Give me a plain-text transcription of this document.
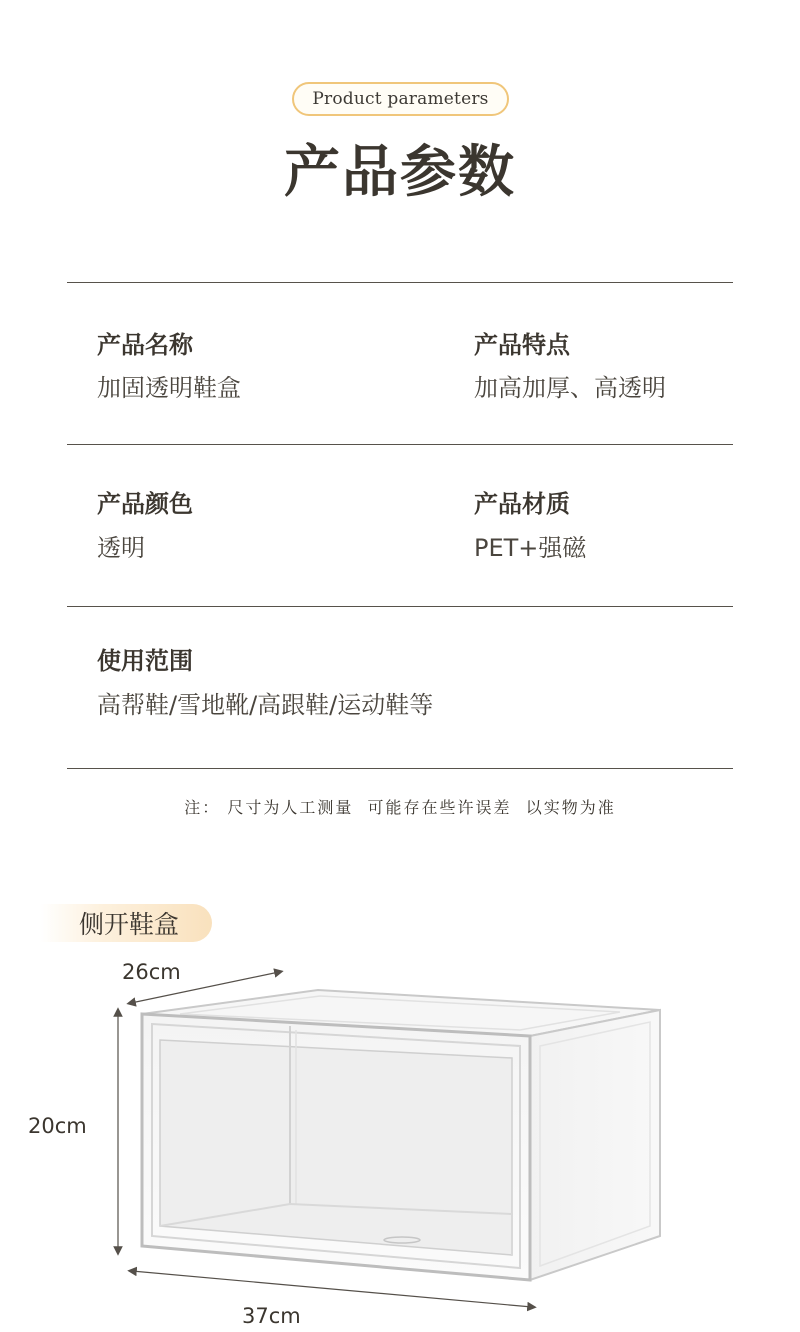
Product parameters
产品参数
产品名称
加固透明鞋盒
产品特点
加高加厚、高透明
产品颜色
透明
产品材质
PET+强磁
使用范围
高帮鞋/雪地靴/高跟鞋/运动鞋等
注： 尺寸为人工测量  可能存在些许误差  以实物为准
侧开鞋盒
26cm
20cm
37cm
